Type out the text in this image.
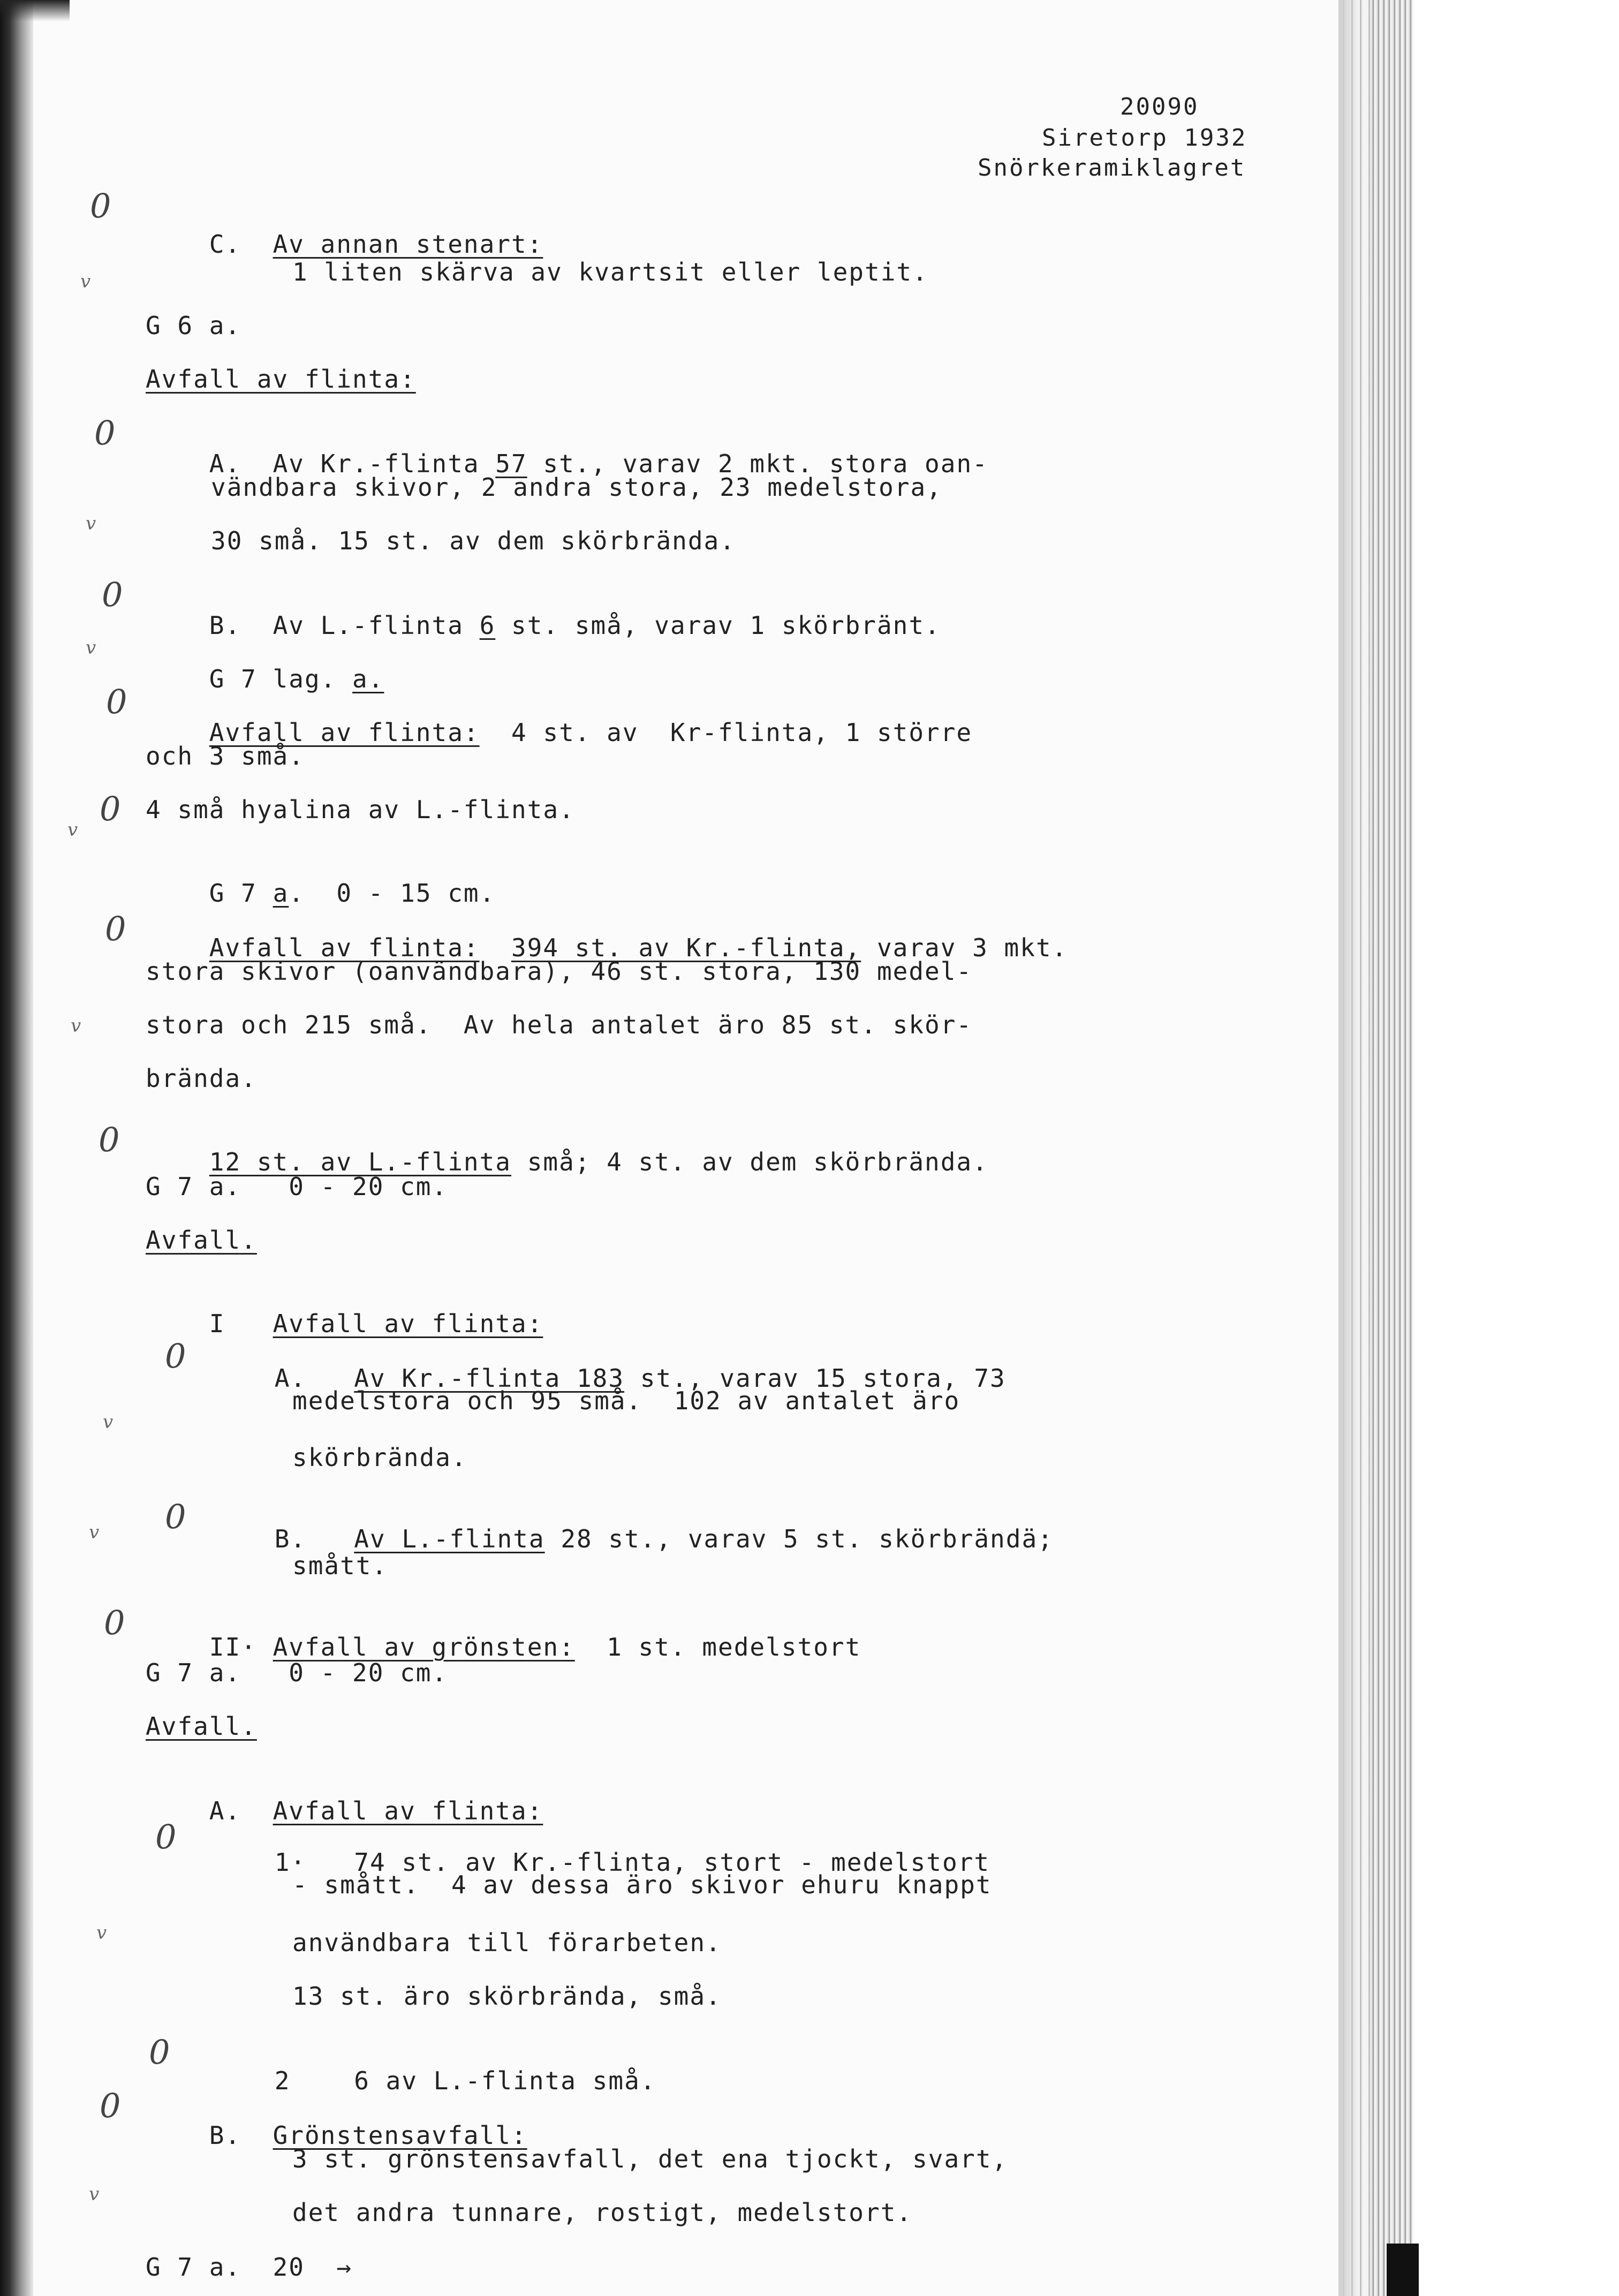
20090
Siretorp 1932
Snörkeramiklagret
0
v
0
v
0
v
0
0
v
0
v
0
0
v
0
v
0
0
v
0
0
v

C. Av annan stenart:

1 liten skärva av kvartsit eller leptit.
G 6 a.
Avfall av flinta:

A. Av Kr.-flinta 57 st., varav 2 mkt. stora oan-

vändbara skivor, 2 andra stora, 23 medelstora,
30 små. 15 st. av dem skörbrända.

B. Av L.-flinta 6 st. små, varav 1 skörbränt.

G 7 lag. a.

Avfall av flinta: 4 st. av  Kr-flinta, 1 större

och 3 små.
4 små hyalina av L.-flinta.

G 7 a.  0 - 15 cm.

Avfall av flinta: 394 st. av Kr.-flinta, varav 3 mkt.

stora skivor (oanvändbara), 46 st. stora, 130 medel-
stora och 215 små.  Av hela antalet äro 85 st. skör-
brända.

12 st. av L.-flinta små; 4 st. av dem skörbrända.

G 7 a.   0 - 20 cm.
Avfall.

I Avfall av flinta:

A. Av Kr.-flinta 183 st., varav 15 stora, 73

medelstora och 95 små.  102 av antalet äro
skörbrända.

B. Av L.-flinta 28 st., varav 5 st. skörbrändä;

smått.

II· Avfall av grönsten: 1 st. medelstort

G 7 a.   0 - 20 cm.
Avfall.

A. Avfall av flinta:

1· 74 st. av Kr.-flinta, stort - medelstort

- smått.  4 av dessa äro skivor ehuru knappt
användbara till förarbeten.
13 st. äro skörbrända, små.

2	6 av L.-flinta små.

B. Grönstensavfall:

3 st. grönstensavfall, det ena tjockt, svart,
det andra tunnare, rostigt, medelstort.
G 7 a.  20  →
